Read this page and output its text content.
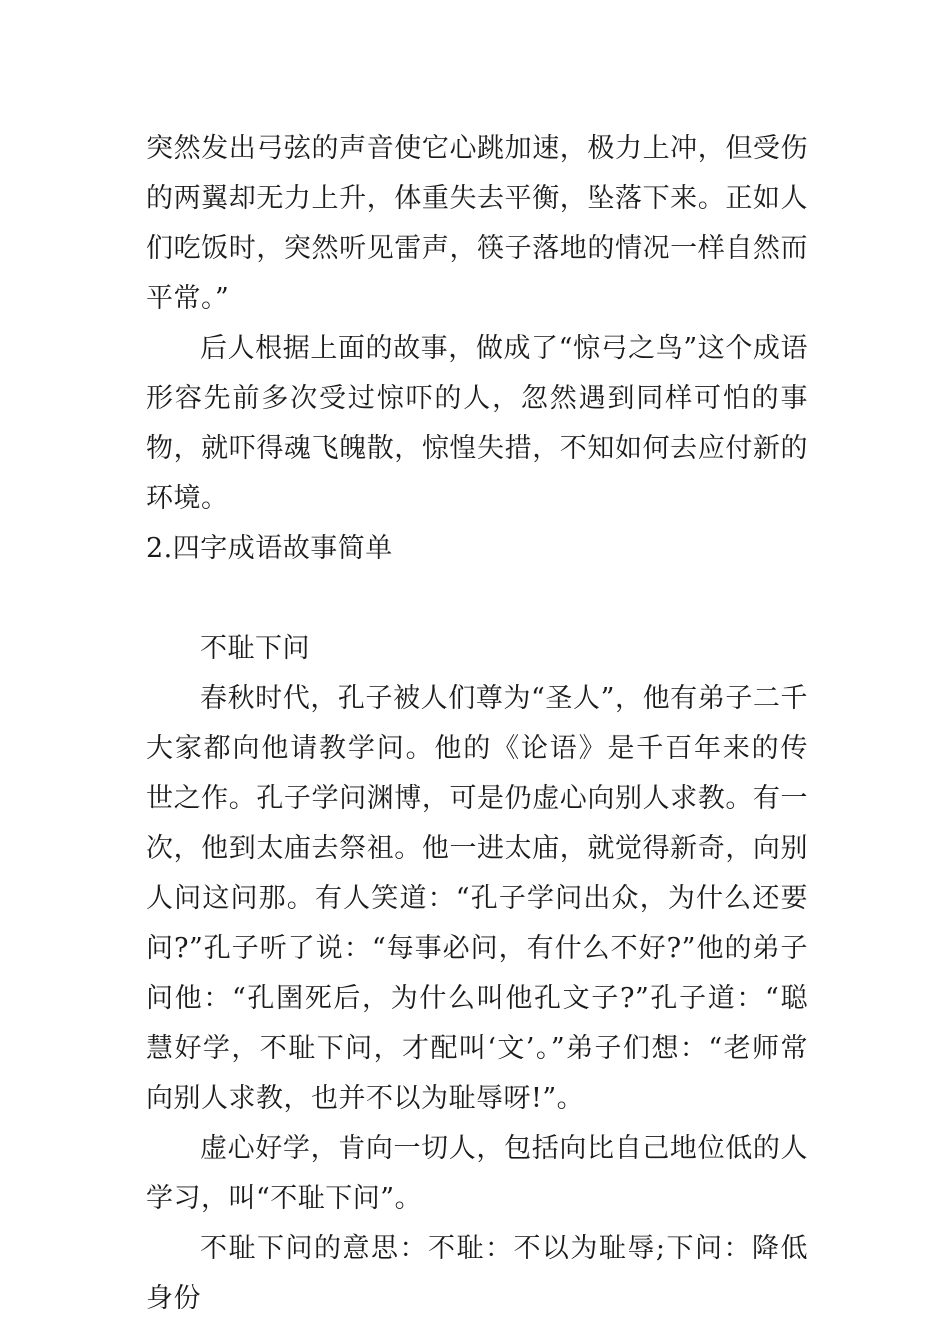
突然发出弓弦的声音使它心跳加速，极力上冲，但受伤的两翼却无力上升，体重失去平衡，坠落下来。正如人们吃饭时，突然听见雷声，筷子落地的情况一样自然而平常。”

后人根据上面的故事，做成了“惊弓之鸟”这个成语形容先前多次受过惊吓的人，忽然遇到同样可怕的事物，就吓得魂飞魄散，惊惶失措，不知如何去应付新的环境。

2.四字成语故事简单

不耻下问

春秋时代，孔子被人们尊为“圣人”，他有弟子二千大家都向他请教学问。他的《论语》是千百年来的传 世之作。孔子学问渊博，可是仍虚心向别人求教。有一次，他到太庙去祭祖。他一进太庙，就觉得新奇，向别人问这问那。有人笑道：“孔子学问出众，为什么还要问?”孔子听了说：“每事必问，有什么不好?”他的弟子问他：“孔圉死后，为什么叫他孔文子?”孔子道：“聪慧好学，不耻下问，才配叫‘文’。”弟子们想：“老师常向别人求教，也并不以为耻辱呀!”。

虚心好学，肯向一切人，包括向比自己地位低的人学习，叫“不耻下问”。

不耻下问的意思：不耻：不以为耻辱;下问：降低身份
